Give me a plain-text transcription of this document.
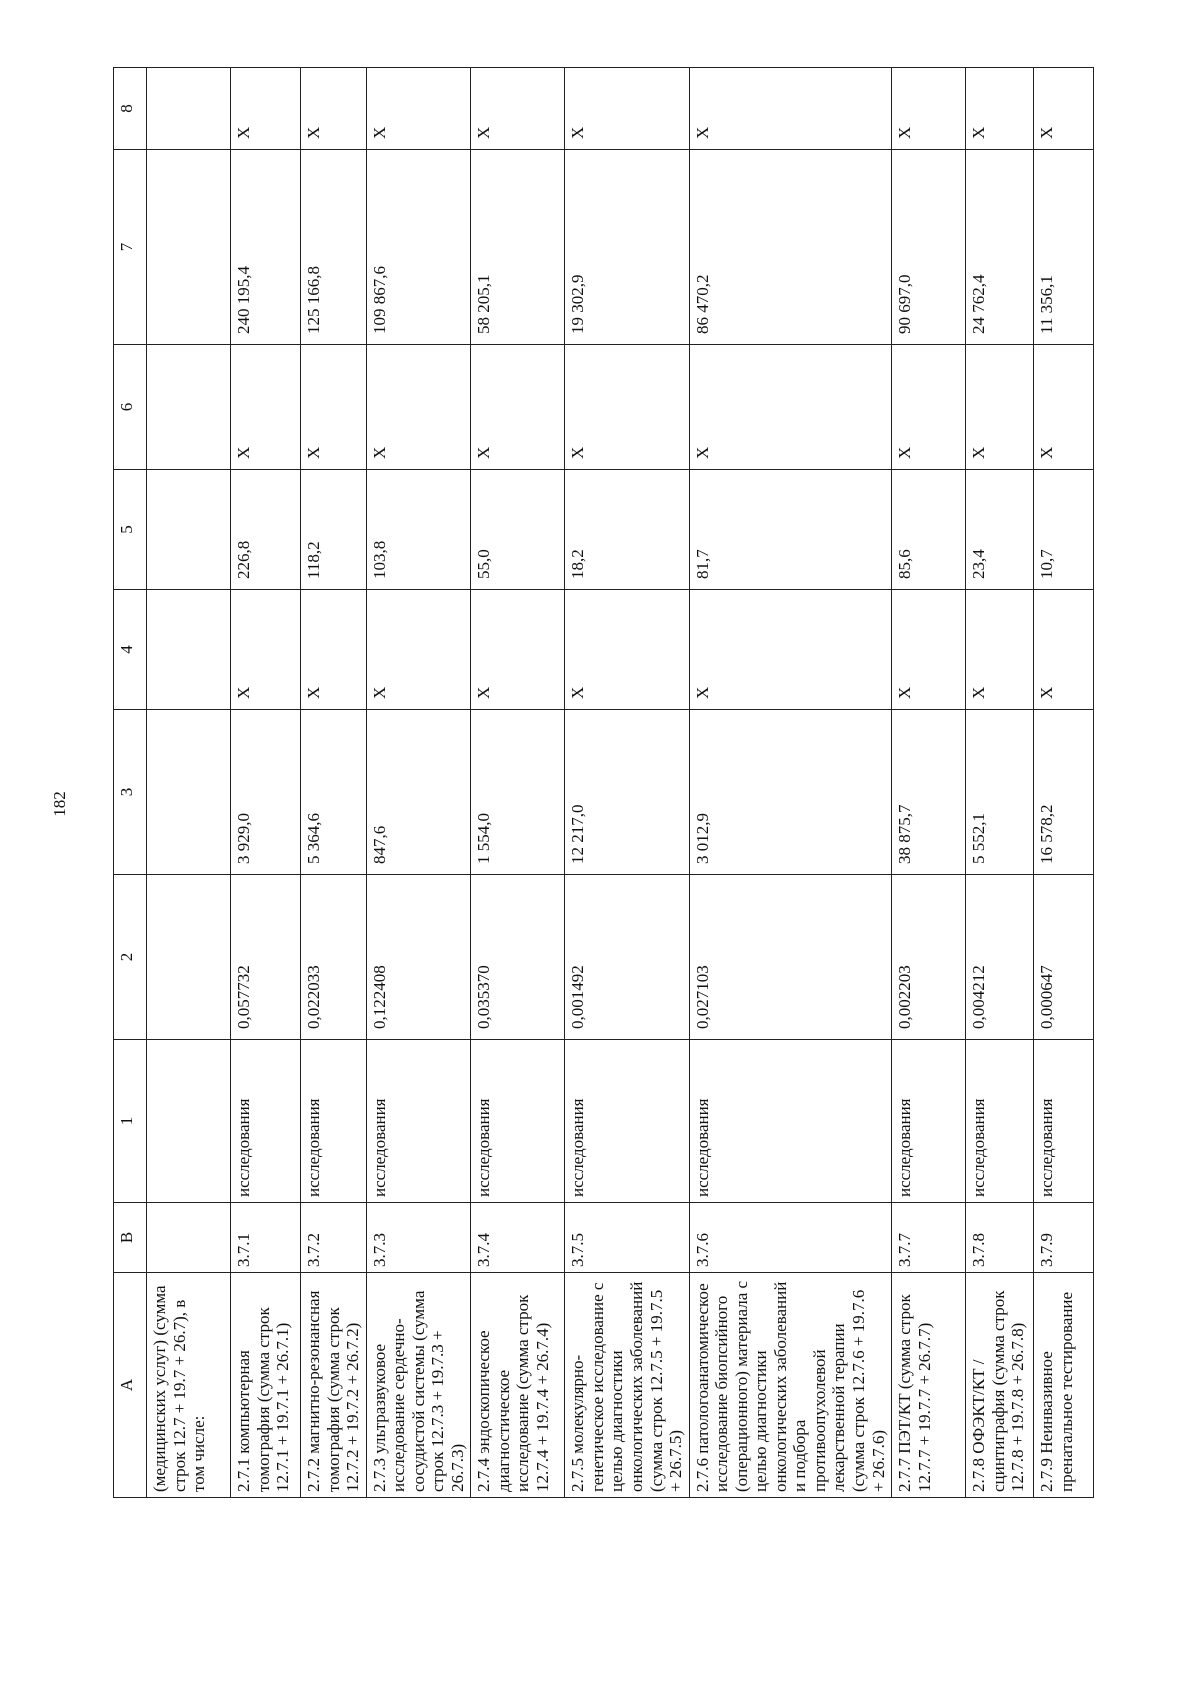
182
A	B	1	2	3	4	5	6	7	8
(медицинских услуг) (сумма строк 12.7 + 19.7 + 26.7), в том числе:									
2.7.1 компьютерная томография (сумма строк 12.7.1 + 19.7.1 + 26.7.1)	3.7.1	исследования	0,057732	3 929,0	Х	226,8	Х	240 195,4	Х
2.7.2 магнитно-резонансная томография (сумма строк 12.7.2 + 19.7.2 + 26.7.2)	3.7.2	исследования	0,022033	5 364,6	Х	118,2	Х	125 166,8	Х
2.7.3 ультразвуковое исследование сердечно-сосудистой системы (сумма строк 12.7.3 + 19.7.3 + 26.7.3)	3.7.3	исследования	0,122408	847,6	Х	103,8	Х	109 867,6	Х
2.7.4 эндоскопическое диагностическое исследование (сумма строк 12.7.4 + 19.7.4 + 26.7.4)	3.7.4	исследования	0,035370	1 554,0	Х	55,0	Х	58 205,1	Х
2.7.5 молекулярно-генетическое исследование с целью диагностики онкологических заболеваний (сумма строк 12.7.5 + 19.7.5 + 26.7.5)	3.7.5	исследования	0,001492	12 217,0	Х	18,2	Х	19 302,9	Х
2.7.6 патологоанатомическое исследование биопсийного (операционного) материала с целью диагностики онкологических заболеваний и подбора противоопухолевой лекарственной терапии (сумма строк 12.7.6 + 19.7.6 + 26.7.6)	3.7.6	исследования	0,027103	3 012,9	Х	81,7	Х	86 470,2	Х
2.7.7 ПЭТ/КТ (сумма строк 12.7.7 + 19.7.7 + 26.7.7)	3.7.7	исследования	0,002203	38 875,7	Х	85,6	Х	90 697,0	Х
2.7.8 ОФЭКТ/КТ /сцинтиграфия (сумма строк 12.7.8 + 19.7.8 + 26.7.8)	3.7.8	исследования	0,004212	5 552,1	Х	23,4	Х	24 762,4	Х
2.7.9 Неинвазивное пренатальное тестирование	3.7.9	исследования	0,000647	16 578,2	Х	10,7	Х	11 356,1	Х
